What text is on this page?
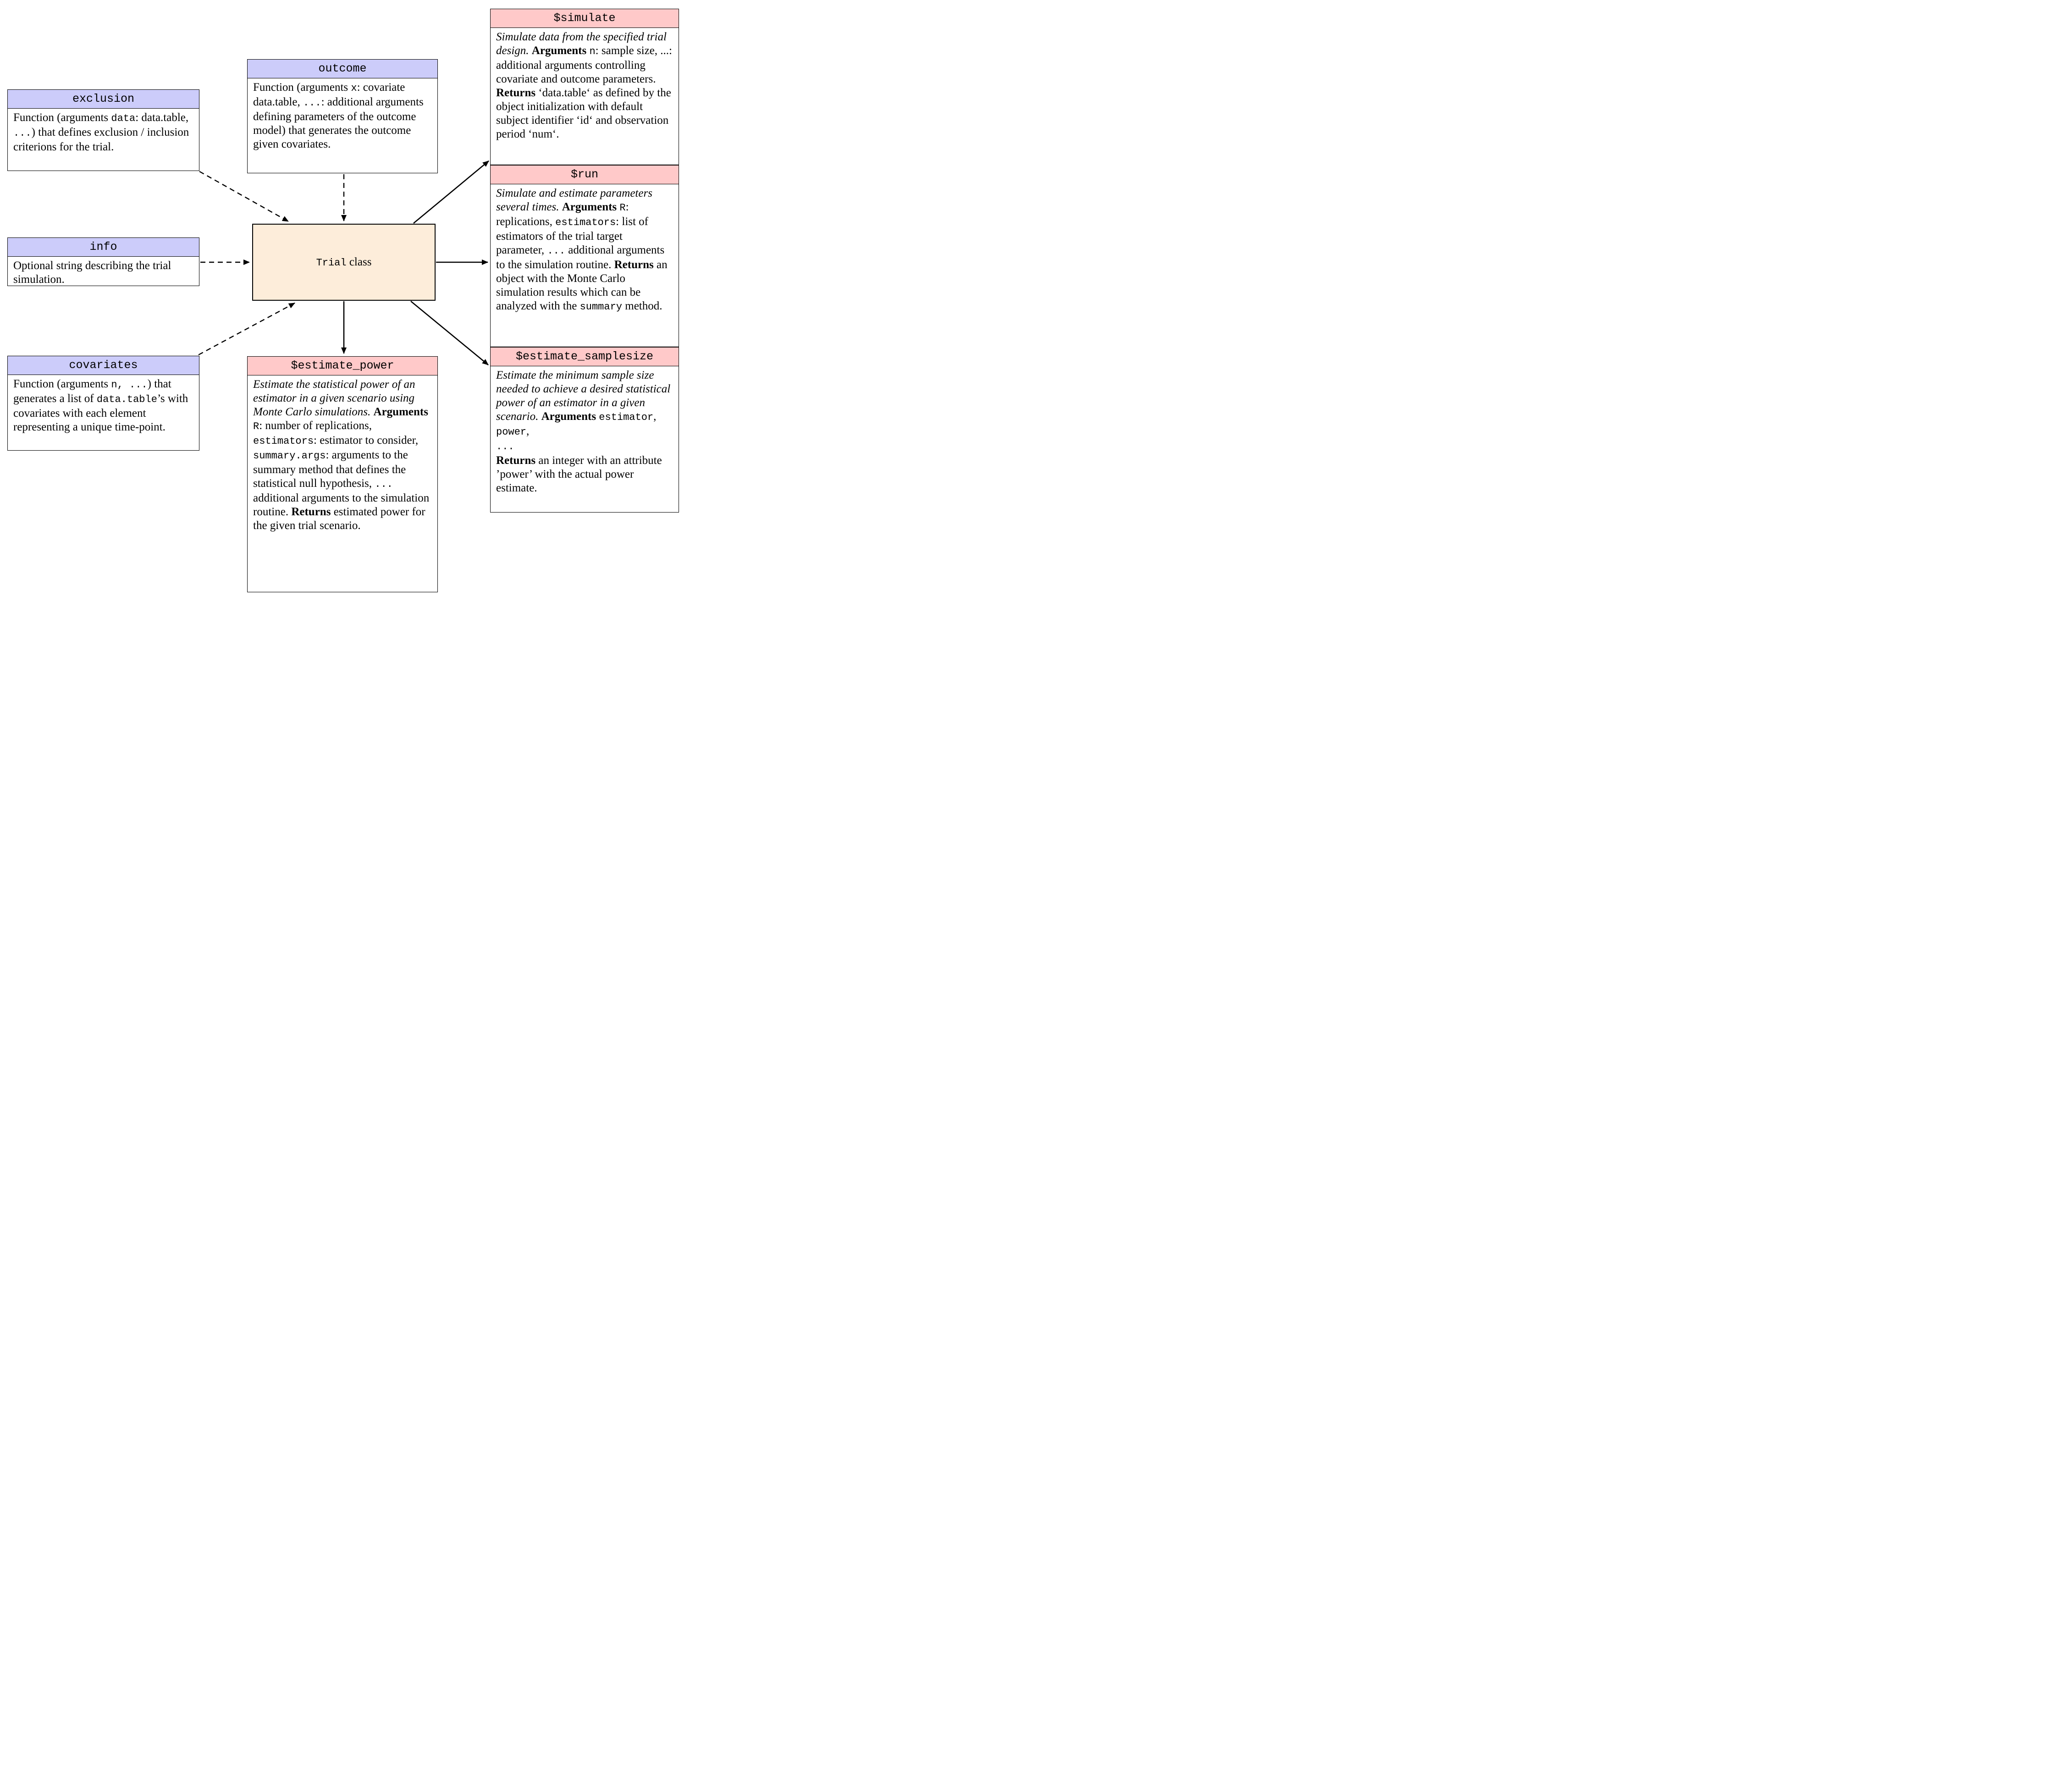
exclusion
Function (arguments data: data.table, ...) that defines exclusion / inclusion criterions for the trial.
outcome
Function (arguments x: covariate data.table, ...: additional arguments defining parameters of the outcome model) that generates the outcome given covariates.
info
Optional string describing the trial simulation.
covariates
Function (arguments n, ...) that generates a list of data.table’s with covariates with each element representing a unique time-point.
Trial class
$simulate
Simulate data from the specified trial design. Arguments n: sample size, ...: additional arguments controlling covariate and outcome parameters. Returns ‘data.table‘ as defined by the object initialization with default subject identifier ‘id‘ and observation period ‘num‘.
$run
Simulate and estimate parameters several times. Arguments R: replications, estimators: list of estimators of the trial target parameter, ... additional arguments to the simulation routine. Returns an object with the Monte Carlo simulation results which can be analyzed with the summary method.
$estimate_power
Estimate the statistical power of an estimator in a given scenario using Monte Carlo simulations. Arguments R: number of replications, estimators: estimator to consider, summary.args: arguments to the summary method that defines the statistical null hypothesis, ... additional arguments to the simulation routine. Returns estimated power for the given trial scenario.
$estimate_samplesize
Estimate the minimum sample size needed to achieve a desired statistical power of an estimator in a given scenario. Arguments estimator, power,
...
Returns an integer with an attribute ’power’ with the actual power estimate.
